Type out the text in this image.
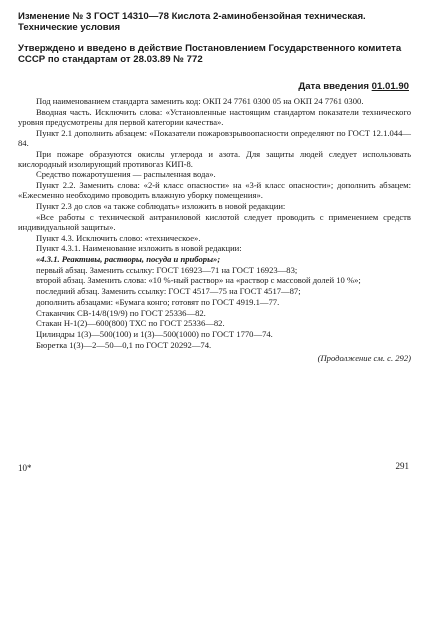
Изменение № 3 ГОСТ 14310—78 Кислота 2-аминобензойная техническая. Технические условия
Утверждено и введено в действие Постановлением Государственного комитета СССР по стандартам от 28.03.89 № 772
Дата введения 01.01.90

Под наименованием стандарта заменить код: ОКП 24 7761 0300 05 на ОКП 24 7761 0300.

Вводная часть. Исключить слова: «Установленные настоящим стандартом показатели технического уровня предусмотрены для первой категории качества».

Пункт 2.1 дополнить абзацем: «Показатели пожаровзрывоопасности определяют по ГОСТ 12.1.044—84.

При пожаре образуются окислы углерода и азота. Для защиты людей следует использовать кислородный изолирующий противогаз КИП-8.

Средство пожаротушения — распыленная вода».

Пункт 2.2. Заменить слова: «2-й класс опасности» на «3-й класс опасности»; дополнить абзацем: «Ежесменно необходимо проводить влажную уборку помещения».

Пункт 2.3 до слов «а также соблюдать» изложить в новой редакции:

«Все работы с технической антраниловой кислотой следует проводить с применением средств индивидуальной защиты».

Пункт 4.3. Исключить слово: «техническое».

Пункт 4.3.1. Наименование изложить в новой редакции:

«4.3.1. Реактивы, растворы, посуда и приборы»;

первый абзац. Заменить ссылку: ГОСТ 16923—71 на ГОСТ 16923—83;

второй абзац. Заменить слова: «10 %-ный раствор» на «раствор с массовой долей 10 %»;

последний абзац. Заменить ссылку: ГОСТ 4517—75 на ГОСТ 4517—87;

дополнить абзацами: «Бумага конго; готовят по ГОСТ 4919.1—77.

Стаканчик СВ-14/8(19/9) по ГОСТ 25336—82.

Стакан Н-1(2)—600(800) ТХС по ГОСТ 25336—82.

Цилиндры 1(3)—500(100) и 1(3)—500(1000) по ГОСТ 1770—74.

Бюретка 1(3)—2—50—0,1 по ГОСТ 20292—74.

(Продолжение см. с. 292)

10*	291
